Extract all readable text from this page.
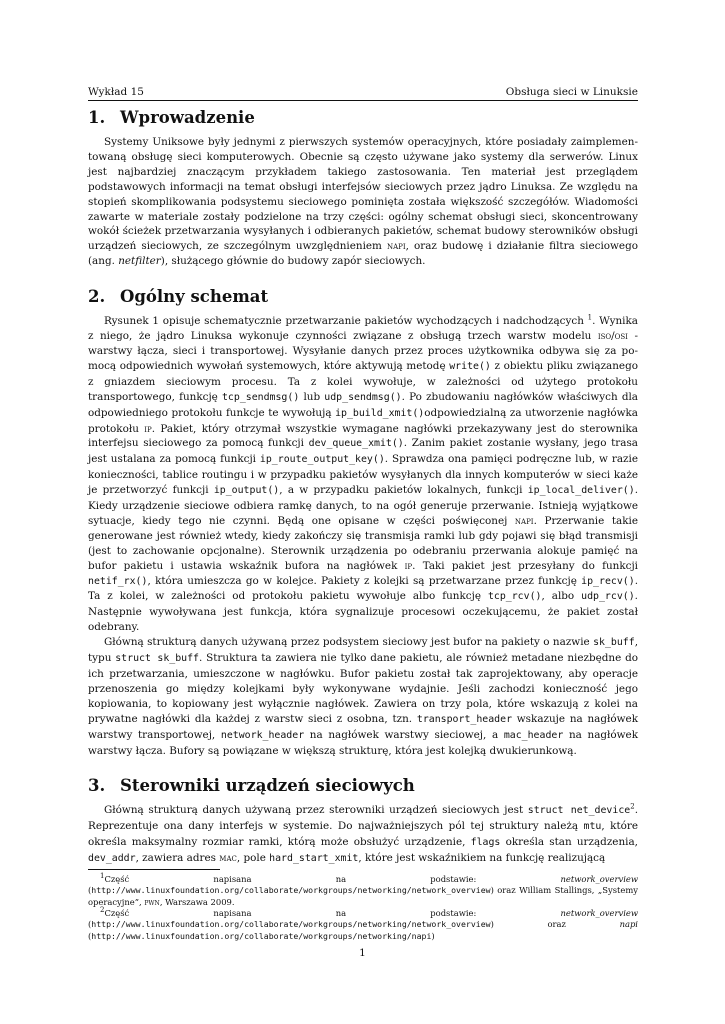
Wykład 15	Obsługa sieci w Linuksie
1. Wprowadzenie

Systemy Uniksowe były jednymi z pierwszych systemów operacyjnych, które posiadały zaimplementowaną obsługę sieci komputerowych. Obecnie są często używane jako systemy dla serwerów. Linux jest najbardziej znaczącym przykładem takiego zastosowania. Ten materiał jest przeglądem podstawowych informacji na temat obsługi interfejsów sieciowych przez jądro Linuksa. Ze względu na stopień skomplikowania podsystemu sieciowego pominięta została większość szczegółów. Wiadomości zawarte w materiale zostały podzielone na trzy części: ogólny schemat obsługi sieci, skoncentrowany wokół ścieżek przetwarzania wysyłanych i odbieranych pakietów, schemat budowy sterowników obsługi urządzeń sieciowych, ze szczególnym uwzględnieniem napi, oraz budowę i działanie filtra sieciowego (ang. netfilter), służącego głównie do budowy zapór sieciowych.

2. Ogólny schemat

Rysunek 1 opisuje schematycznie przetwarzanie pakietów wychodzących i nadchodzących $^1$. Wynika z niego, że jądro Linuksa wykonuje czynności związane z obsługą trzech warstw modelu iso/osi - warstwy łącza, sieci i transportowej. Wysyłanie danych przez proces użytkownika odbywa się za pomocą odpowiednich wywołań systemowych, które aktywują metodę write() z obiektu pliku związanego z gniazdem sieciowym procesu. Ta z kolei wywołuje, w zależności od użytego protokołu transportowego, funkcję tcp_sendmsg() lub udp_sendmsg(). Po zbudowaniu nagłówków właściwych dla odpowiedniego protokołu funkcje te wywołują ip_build_xmit()odpowiedzialną za utworzenie nagłówka protokołu ip. Pakiet, który otrzymał wszystkie wymagane nagłówki przekazywany jest do sterownika interfejsu sieciowego za pomocą funkcji dev_queue_xmit(). Zanim pakiet zostanie wysłany, jego trasa jest ustalana za pomocą funkcji ip_route_output_key(). Sprawdza ona pamięci podręczne lub, w razie konieczności, tablice routingu i w przypadku pakietów wysyłanych dla innych komputerów w sieci każe je przetworzyć funkcji ip_output(), a w przypadku pakietów lokalnych, funkcji ip_local_deliver(). Kiedy urządzenie sieciowe odbiera ramkę danych, to na ogół generuje przerwanie. Istnieją wyjątkowe sytuacje, kiedy tego nie czynni. Będą one opisane w części poświęconej napi. Przerwanie takie generowane jest również wtedy, kiedy zakończy się transmisja ramki lub gdy pojawi się błąd transmisji (jest to zachowanie opcjonalne). Sterownik urządzenia po odebraniu przerwania alokuje pamięć na bufor pakietu i ustawia wskaźnik bufora na nagłówek ip. Taki pakiet jest przesyłany do funkcji netif_rx(), która umieszcza go w kolejce. Pakiety z kolejki są przetwarzane przez funkcję ip_recv(). Ta z kolei, w zależności od protokołu pakietu wywołuje albo funkcję tcp_rcv(), albo udp_rcv(). Następnie wywoływana jest funkcja, która sygnalizuje procesowi oczekującemu, że pakiet został odebrany.

Główną strukturą danych używaną przez podsystem sieciowy jest bufor na pakiety o nazwie sk_buff, typu struct sk_buff. Struktura ta zawiera nie tylko dane pakietu, ale również metadane niezbędne do ich przetwarzania, umieszczone w nagłówku. Bufor pakietu został tak zaprojektowany, aby operacje przenoszenia go między kolejkami były wykonywane wydajnie. Jeśli zachodzi konieczność jego kopiowania, to kopiowany jest wyłącznie nagłówek. Zawiera on trzy pola, które wskazują z kolei na prywatne nagłówki dla każdej z warstw sieci z osobna, tzn. transport_header wskazuje na nagłówek warstwy transportowej, network_header na nagłówek warstwy sieciowej, a mac_header na nagłówek warstwy łącza. Bufory są powiązane w większą strukturę, która jest kolejką dwukierunkową.

3. Sterowniki urządzeń sieciowych

Główną strukturą danych używaną przez sterowniki urządzeń sieciowych jest struct net_device$^2$. Reprezentuje ona dany interfejs w systemie. Do najważniejszych pól tej struktury należą mtu, które określa maksymalny rozmiar ramki, którą może obsłużyć urządzenie, flags określa stan urządzenia, dev_addr, zawiera adres mac, pole hard_start_xmit, które jest wskaźnikiem na funkcję realizującą

$^1$Część napisana na podstawie: network_overview (http://www.linuxfoundation.org/collaborate/workgroups/networking/network_overview) oraz William Stallings, „Systemy operacyjne”, pwn, Warszawa 2009.

$^2$Część napisana na podstawie: network_overview (http://www.linuxfoundation.org/collaborate/workgroups/networking/network_overview) oraz napi (http://www.linuxfoundation.org/collaborate/workgroups/networking/napi)

1
